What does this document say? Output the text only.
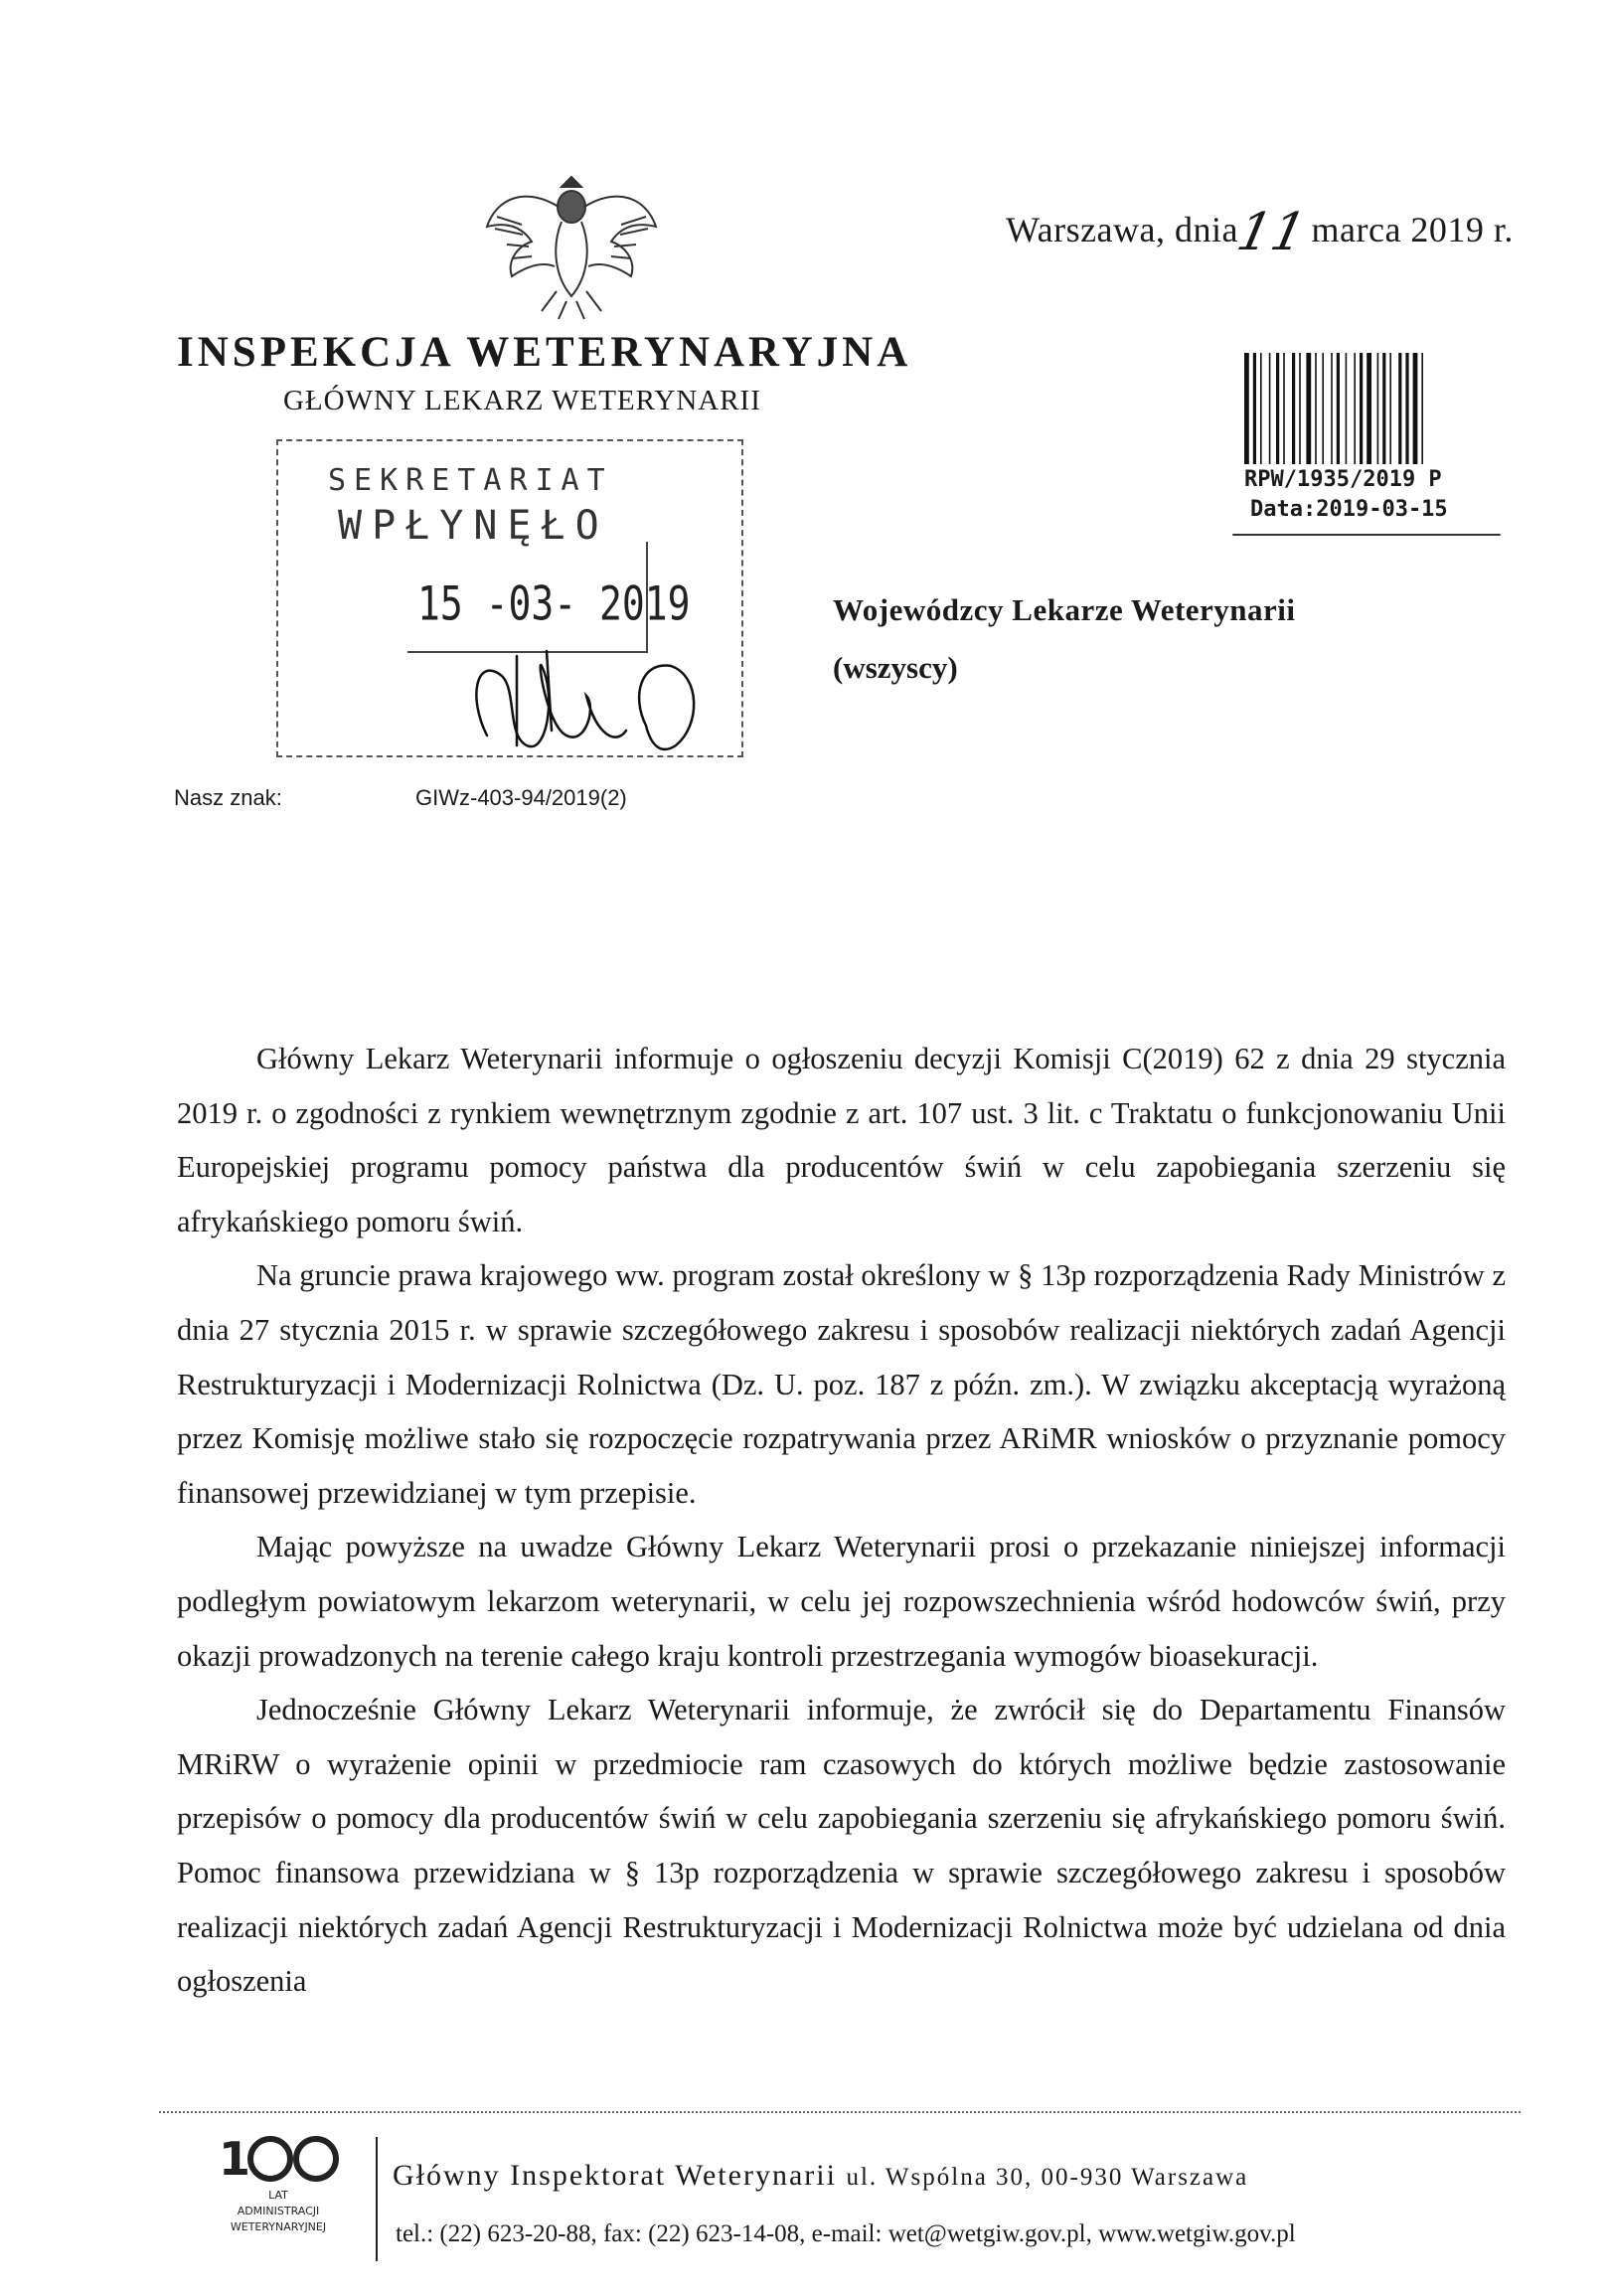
Warszawa, dnia11 marca 2019 r.
INSPEKCJA WETERYNARYJNA
GŁÓWNY LEKARZ WETERYNARII
RPW/1935/2019 P
Data:2019-03-15
SEKRETARIAT
WPŁYNĘŁO
15 -03- 2019	Wojewódzcy Lekarze Weterynarii
(wszyscy)
Nasz znak:	GIWz-403-94/2019(2)

Główny Lekarz Weterynarii informuje o ogłoszeniu decyzji Komisji C(2019) 62 z dnia 29 stycznia 2019 r. o zgodności z rynkiem wewnętrznym zgodnie z art. 107 ust. 3 lit. c Traktatu o funkcjonowaniu Unii Europejskiej programu pomocy państwa dla producentów świń w celu zapobiegania szerzeniu się afrykańskiego pomoru świń.

Na gruncie prawa krajowego ww. program został określony w § 13p rozporządzenia Rady Ministrów z dnia 27 stycznia 2015 r. w sprawie szczegółowego zakresu i sposobów realizacji niektórych zadań Agencji Restrukturyzacji i Modernizacji Rolnictwa (Dz. U. poz. 187 z późn. zm.). W związku akceptacją wyrażoną przez Komisję możliwe stało się rozpoczęcie rozpatrywania przez ARiMR wniosków o przyznanie pomocy finansowej przewidzianej w tym przepisie.

Mając powyższe na uwadze Główny Lekarz Weterynarii prosi o przekazanie niniejszej informacji podległym powiatowym lekarzom weterynarii, w celu jej rozpowszechnienia wśród hodowców świń, przy okazji prowadzonych na terenie całego kraju kontroli przestrzegania wymogów bioasekuracji.

Jednocześnie Główny Lekarz Weterynarii informuje, że zwrócił się do Departamentu Finansów MRiRW o wyrażenie opinii w przedmiocie ram czasowych do których możliwe będzie zastosowanie przepisów o pomocy dla producentów świń w celu zapobiegania szerzeniu się afrykańskiego pomoru świń. Pomoc finansowa przewidziana w § 13p rozporządzenia w sprawie szczegółowego zakresu i sposobów realizacji niektórych zadań Agencji Restrukturyzacji i Modernizacji Rolnictwa może być udzielana od dnia ogłoszenia

1
LAT
ADMINISTRACJI
WETERYNARYJNEJ
Główny Inspektorat Weterynarii ul. Wspólna 30, 00-930 Warszawa
tel.: (22) 623-20-88, fax: (22) 623-14-08, e-mail: wet@wetgiw.gov.pl, www.wetgiw.gov.pl
